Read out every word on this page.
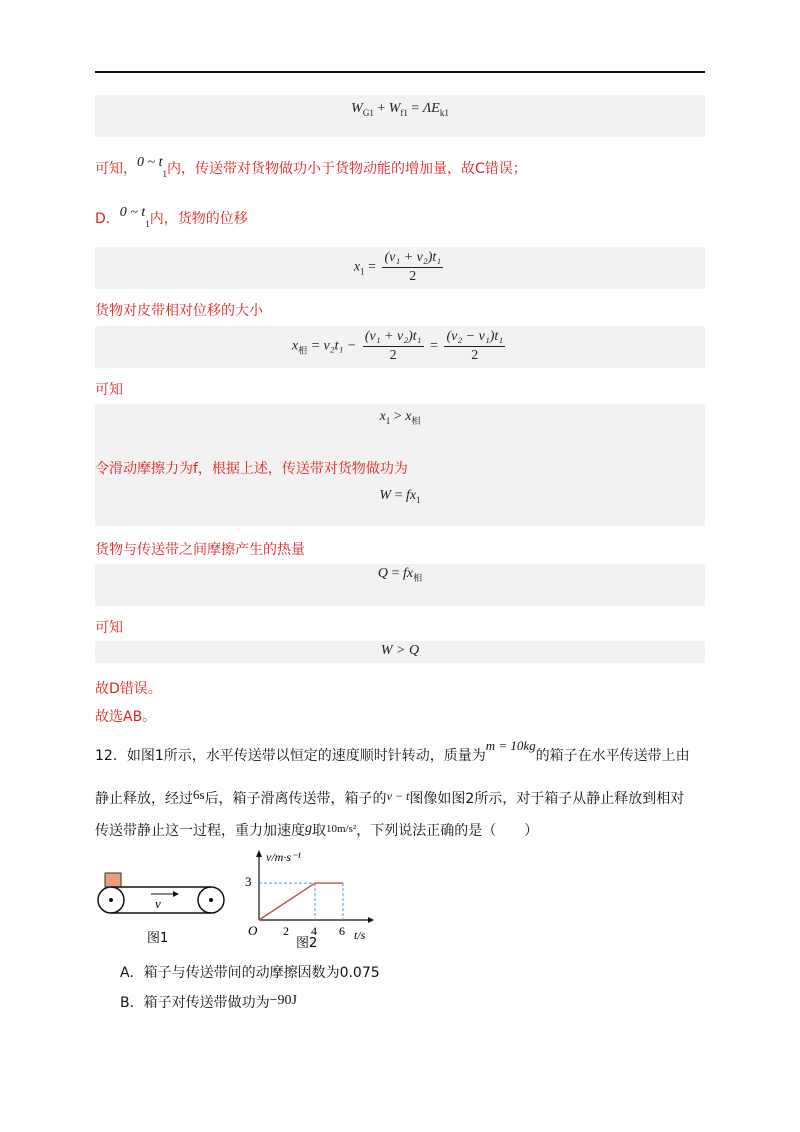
$W_{G1} + W_{f1} = \Lambda E_{k1}$
可知，0 ~ $t_1$内，传送带对货物做功小于货物动能的增加量，故C错误；
D．0 ~ $t_1$内，货物的位移
$x_1 = \frac{\text{(v₁ + v₂)t₁}}{2}$
货物对皮带相对位移的大小
$x_相 = v_2t_1 - \frac{\text{(v₁ + v₂)t₁}}{2} = \frac{\text{(v₂ − v₁)t₁}}{2}$
可知
$x_1 > x_相$
令滑动摩擦力为f，根据上述，传送带对货物做功为
$W = fx_1$
货物与传送带之间摩擦产生的热量
$Q = fx_相$
可知
W > Q
故D错误。
故选AB。
12．如图1所示，水平传送带以恒定的速度顺时针转动，质量为m = 10kg的箱子在水平传送带上由
静止释放，经过6s后，箱子滑离传送带，箱子的v − t图像如图2所示，对于箱子从静止释放到相对
传送带静止这一过程，重力加速度g取$^{10m/s^2}$，下列说法正确的是（　　）
v
图1
v/m·s⁻¹
t/s
O
3
2 4 6
图2
A．箱子与传送带间的动摩擦因数为0.075
B．箱子对传送带做功为−90J
